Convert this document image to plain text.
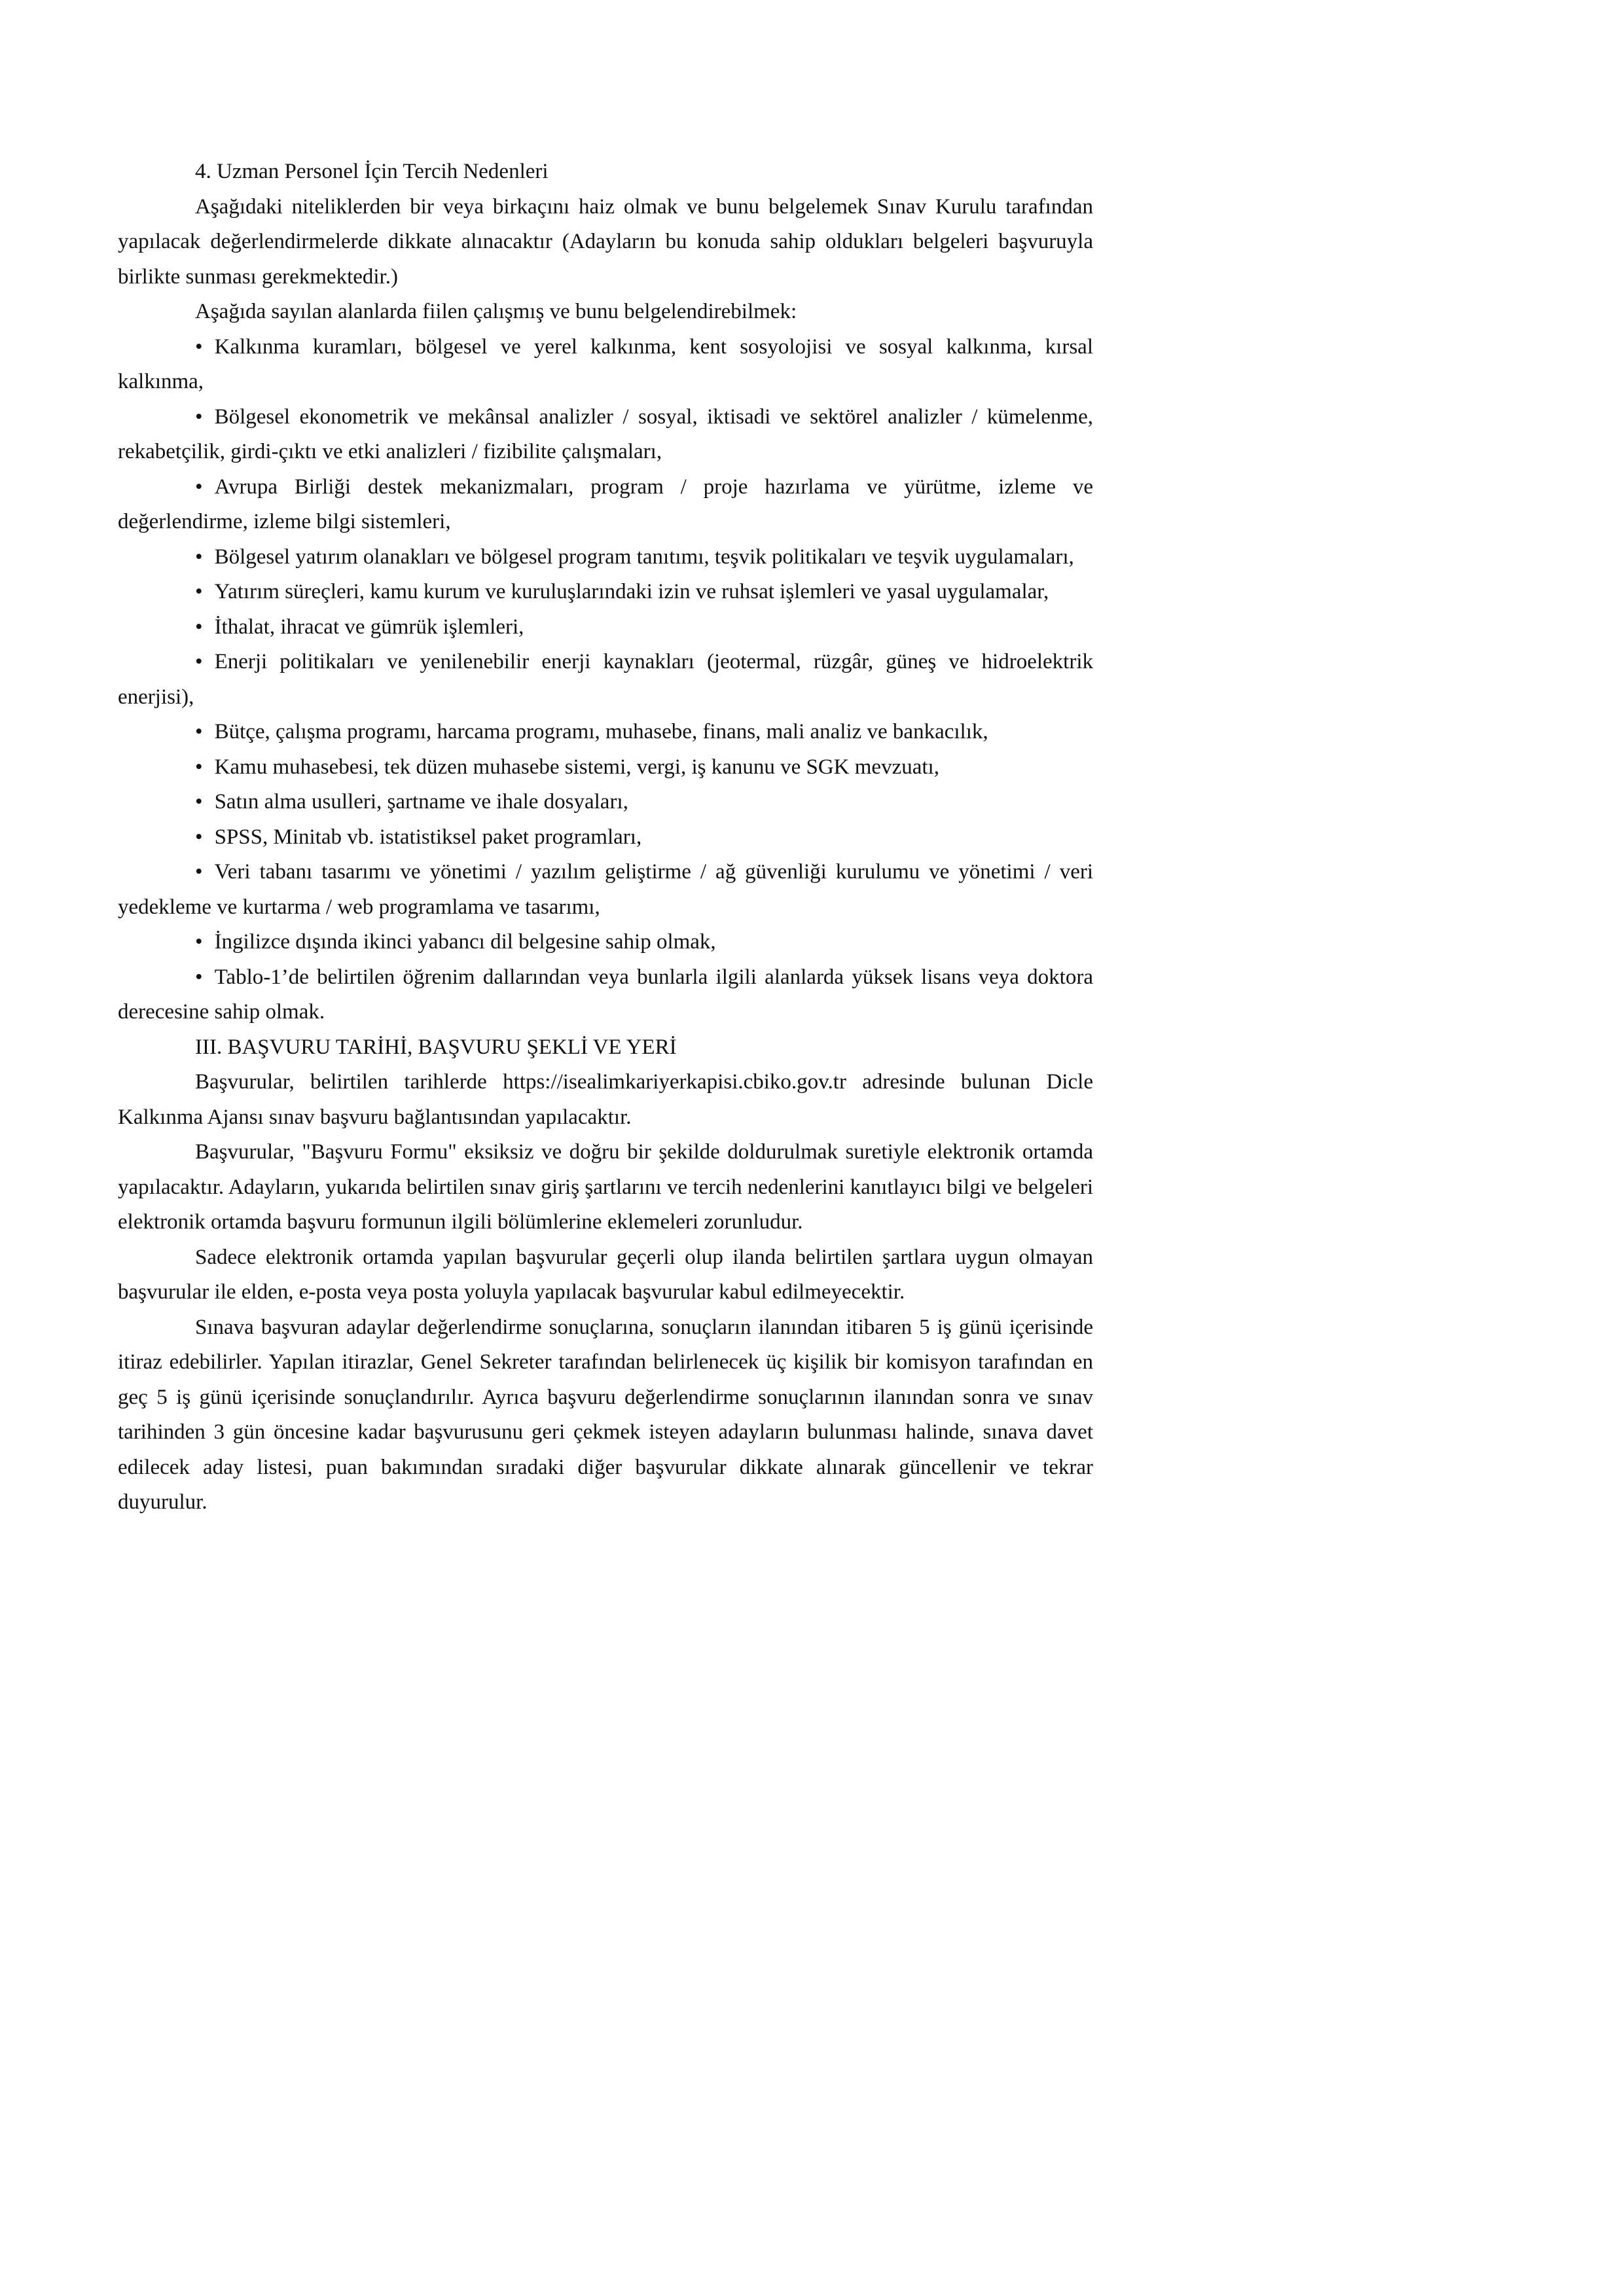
4. Uzman Personel İçin Tercih Nedenleri

Aşağıdaki niteliklerden bir veya birkaçını haiz olmak ve bunu belgelemek Sınav Kurulu tarafından yapılacak değerlendirmelerde dikkate alınacaktır (Adayların bu konuda sahip oldukları belgeleri başvuruyla birlikte sunması gerekmektedir.)

Aşağıda sayılan alanlarda fiilen çalışmış ve bunu belgelendirebilmek:

• Kalkınma kuramları, bölgesel ve yerel kalkınma, kent sosyolojisi ve sosyal kalkınma, kırsal kalkınma,

• Bölgesel ekonometrik ve mekânsal analizler / sosyal, iktisadi ve sektörel analizler / kümelenme, rekabetçilik, girdi-çıktı ve etki analizleri / fizibilite çalışmaları,

• Avrupa Birliği destek mekanizmaları, program / proje hazırlama ve yürütme, izleme ve değerlendirme, izleme bilgi sistemleri,

• Bölgesel yatırım olanakları ve bölgesel program tanıtımı, teşvik politikaları ve teşvik uygulamaları,

• Yatırım süreçleri, kamu kurum ve kuruluşlarındaki izin ve ruhsat işlemleri ve yasal uygulamalar,

• İthalat, ihracat ve gümrük işlemleri,

• Enerji politikaları ve yenilenebilir enerji kaynakları (jeotermal, rüzgâr, güneş ve hidroelektrik enerjisi),

• Bütçe, çalışma programı, harcama programı, muhasebe, finans, mali analiz ve bankacılık,

• Kamu muhasebesi, tek düzen muhasebe sistemi, vergi, iş kanunu ve SGK mevzuatı,

• Satın alma usulleri, şartname ve ihale dosyaları,

• SPSS, Minitab vb. istatistiksel paket programları,

• Veri tabanı tasarımı ve yönetimi / yazılım geliştirme / ağ güvenliği kurulumu ve yönetimi / veri yedekleme ve kurtarma / web programlama ve tasarımı,

• İngilizce dışında ikinci yabancı dil belgesine sahip olmak,

• Tablo-1’de belirtilen öğrenim dallarından veya bunlarla ilgili alanlarda yüksek lisans veya doktora derecesine sahip olmak.

III. BAŞVURU TARİHİ, BAŞVURU ŞEKLİ VE YERİ

Başvurular, belirtilen tarihlerde https://isealimkariyerkapisi.cbiko.gov.tr adresinde bulunan Dicle Kalkınma Ajansı sınav başvuru bağlantısından yapılacaktır.

Başvurular, "Başvuru Formu" eksiksiz ve doğru bir şekilde doldurulmak suretiyle elektronik ortamda yapılacaktır. Adayların, yukarıda belirtilen sınav giriş şartlarını ve tercih nedenlerini kanıtlayıcı bilgi ve belgeleri elektronik ortamda başvuru formunun ilgili bölümlerine eklemeleri zorunludur.

Sadece elektronik ortamda yapılan başvurular geçerli olup ilanda belirtilen şartlara uygun olmayan başvurular ile elden, e-posta veya posta yoluyla yapılacak başvurular kabul edilmeyecektir.

Sınava başvuran adaylar değerlendirme sonuçlarına, sonuçların ilanından itibaren 5 iş günü içerisinde itiraz edebilirler. Yapılan itirazlar, Genel Sekreter tarafından belirlenecek üç kişilik bir komisyon tarafından en geç 5 iş günü içerisinde sonuçlandırılır. Ayrıca başvuru değerlendirme sonuçlarının ilanından sonra ve sınav tarihinden 3 gün öncesine kadar başvurusunu geri çekmek isteyen adayların bulunması halinde, sınava davet edilecek aday listesi, puan bakımından sıradaki diğer başvurular dikkate alınarak güncellenir ve tekrar duyurulur.
